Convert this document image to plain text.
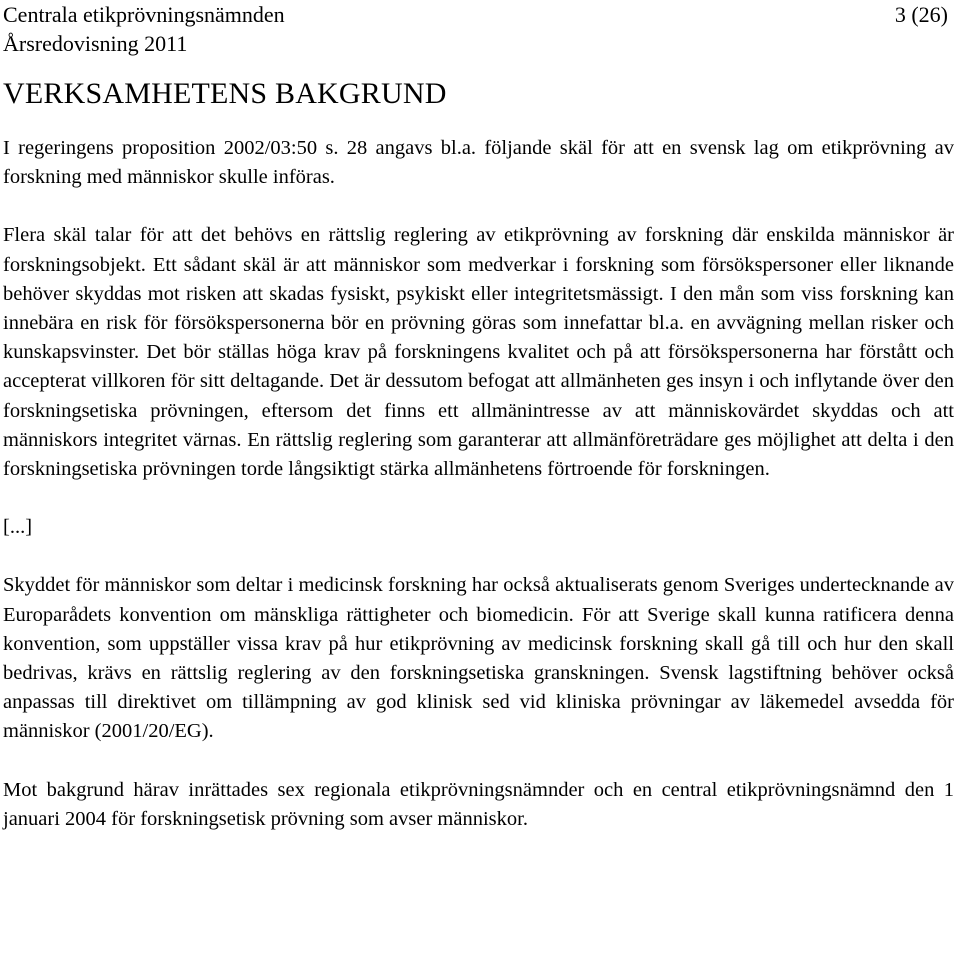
Centrala etikprövningsnämnden
Årsredovisning 2011
3 (26)
VERKSAMHETENS BAKGRUND

I regeringens proposition 2002/03:50 s. 28 angavs bl.a. följande skäl för att en svensk lag om etikprövning av forskning med människor skulle införas.

Flera skäl talar för att det behövs en rättslig reglering av etikprövning av forskning där enskilda människor är forskningsobjekt. Ett sådant skäl är att människor som medverkar i forskning som försökspersoner eller liknande behöver skyddas mot risken att skadas fysiskt, psykiskt eller integritetsmässigt. I den mån som viss forskning kan innebära en risk för försökspersonerna bör en prövning göras som innefattar bl.a. en avvägning mellan risker och kunskapsvinster. Det bör ställas höga krav på forskningens kvalitet och på att försökspersonerna har förstått och accepterat villkoren för sitt deltagande. Det är dessutom befogat att allmänheten ges insyn i och inflytande över den forskningsetiska prövningen, eftersom det finns ett allmänintresse av att människovärdet skyddas och att människors integritet värnas. En rättslig reglering som garanterar att allmänföreträdare ges möjlighet att delta i den forskningsetiska prövningen torde långsiktigt stärka allmänhetens förtroende för forskningen.

[...]

Skyddet för människor som deltar i medicinsk forskning har också aktualiserats genom Sveriges undertecknande av Europarådets konvention om mänskliga rättigheter och biomedicin. För att Sverige skall kunna ratificera denna konvention, som uppställer vissa krav på hur etikprövning av medicinsk forskning skall gå till och hur den skall bedrivas, krävs en rättslig reglering av den forskningsetiska granskningen. Svensk lagstiftning behöver också anpassas till direktivet om tillämpning av god klinisk sed vid kliniska prövningar av läkemedel avsedda för människor (2001/20/EG).

Mot bakgrund härav inrättades sex regionala etikprövningsnämnder och en central etikprövningsnämnd den 1 januari 2004 för forskningsetisk prövning som avser människor.
